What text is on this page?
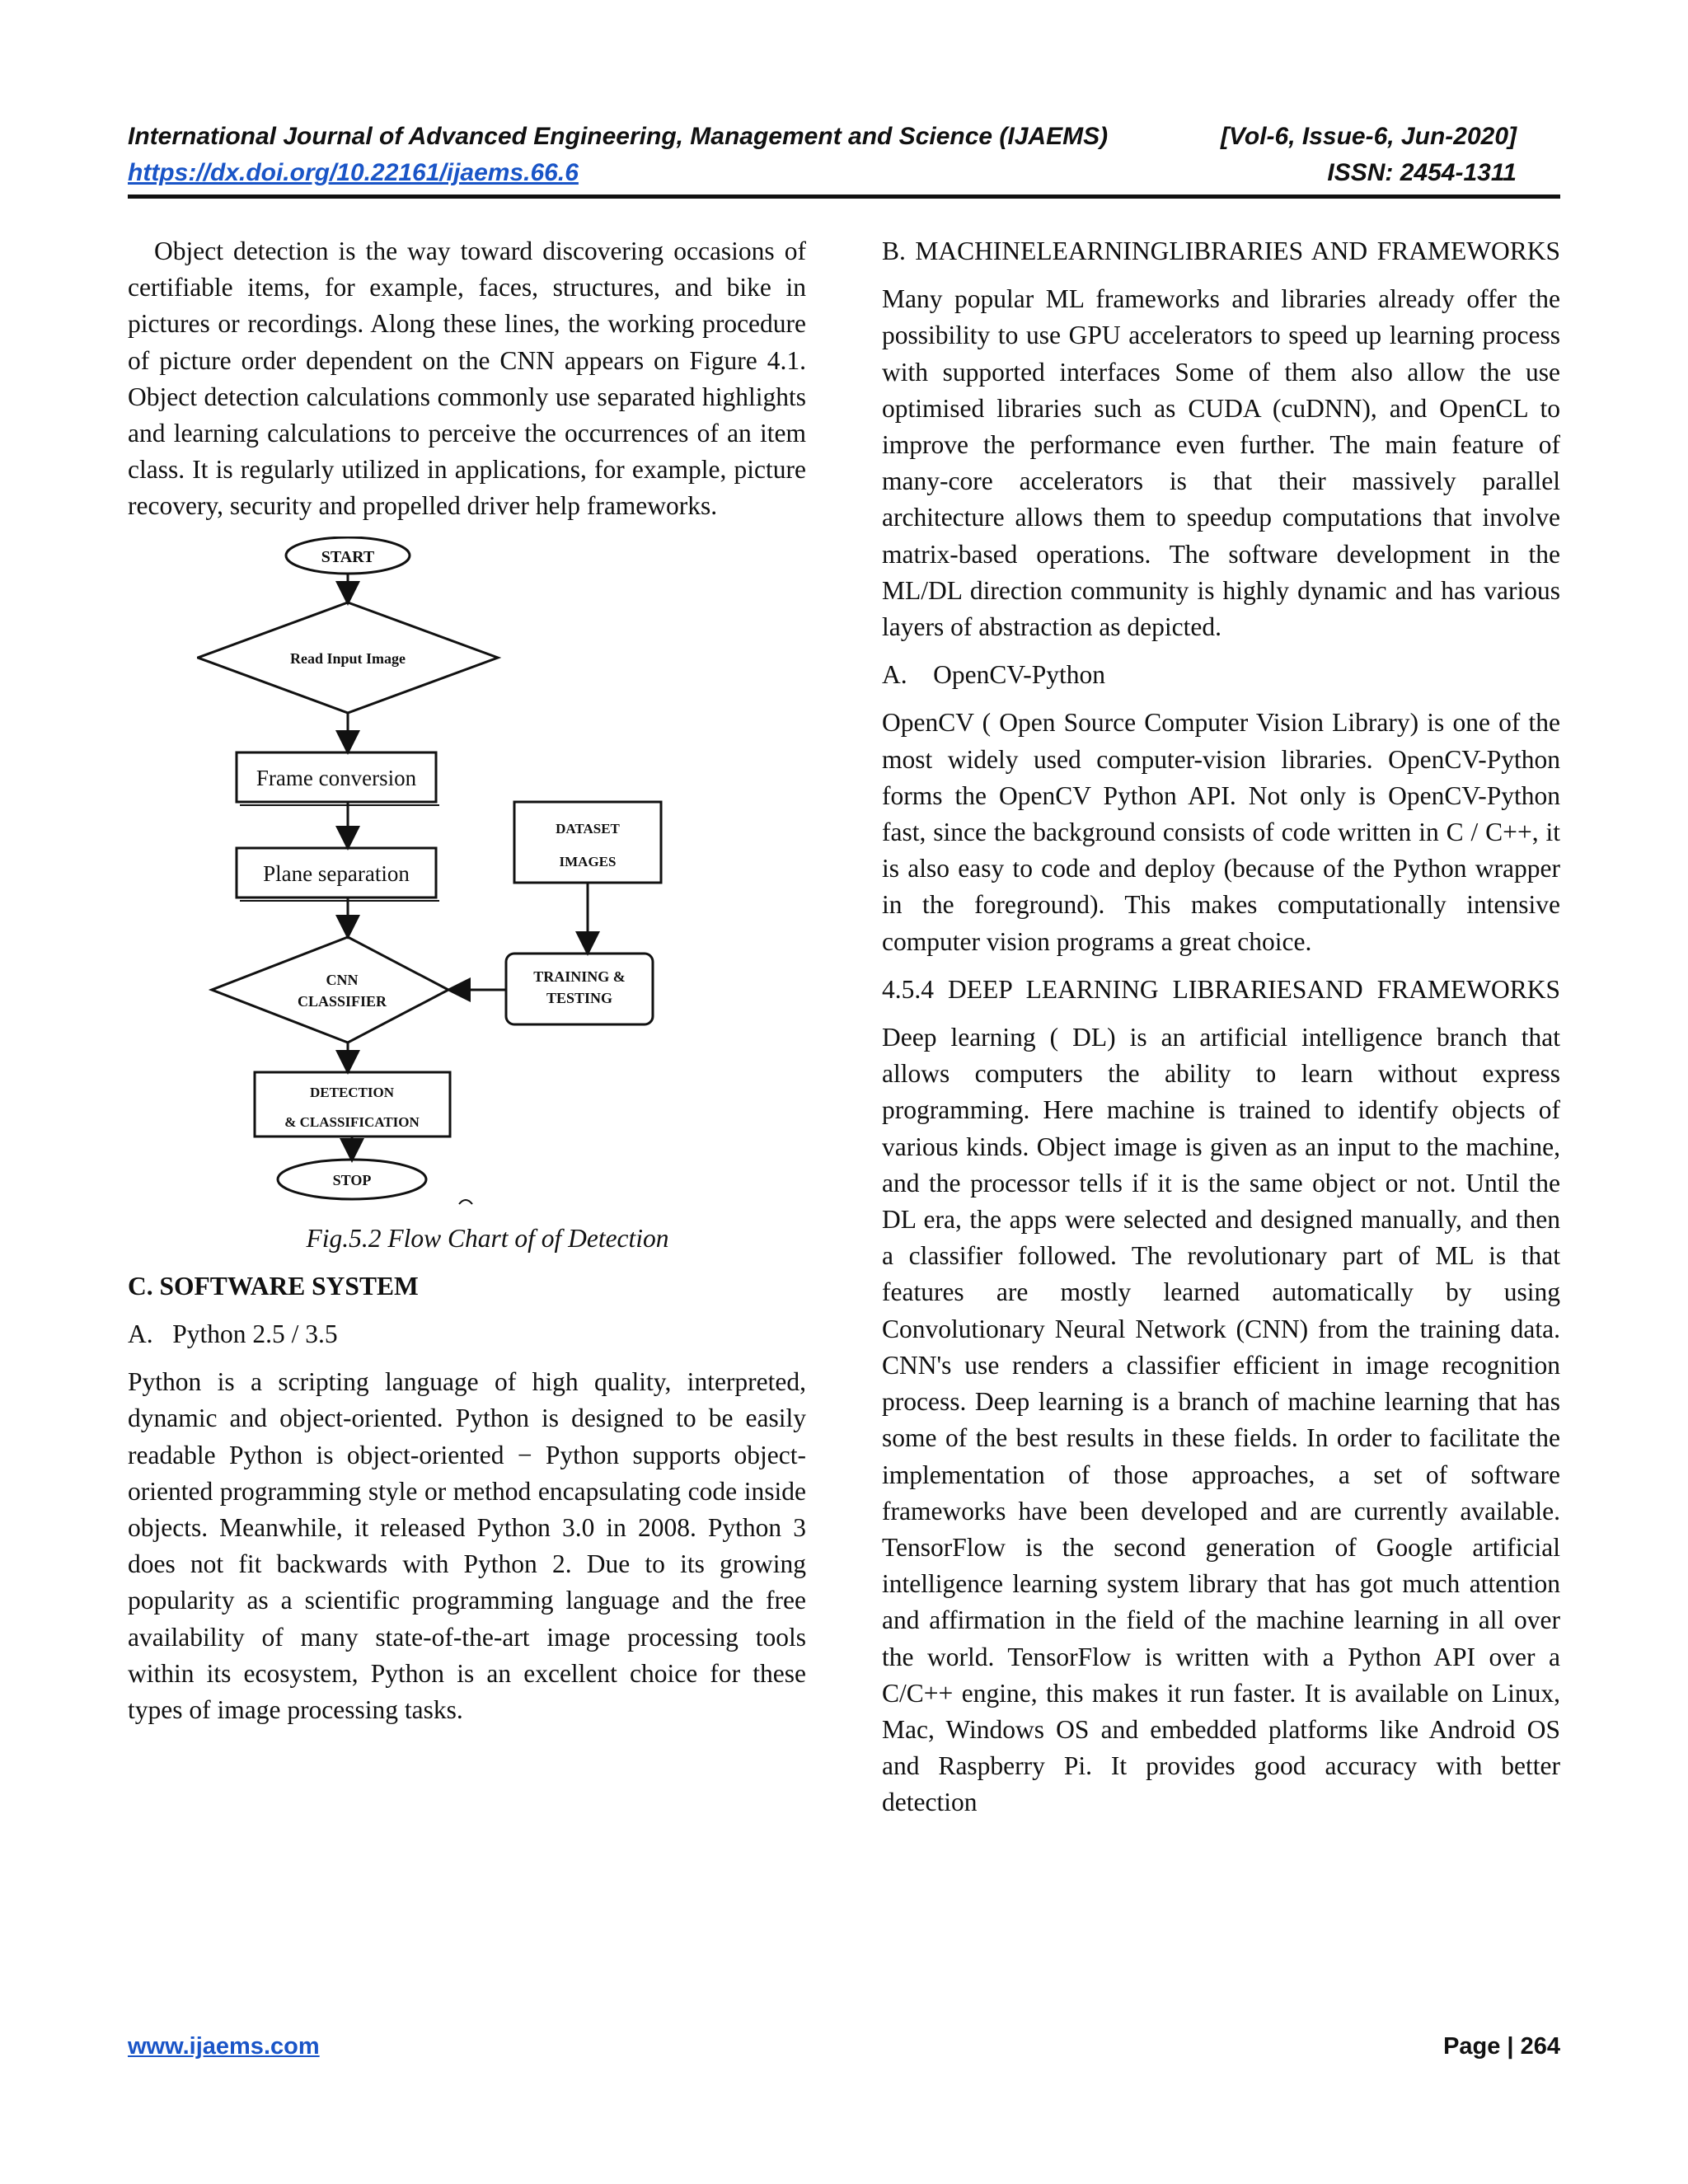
International Journal of Advanced Engineering, Management and Science (IJAEMS)	[Vol-6, Issue-6, Jun-2020]
https://dx.doi.org/10.22161/ijaems.66.6	ISSN: 2454-1311

Object detection is the way toward discovering occasions of certifiable items, for example, faces, structures, and bike in pictures or recordings. Along these lines, the working procedure of picture order dependent on the CNN appears on Figure 4.1. Object detection calculations commonly use separated highlights and learning calculations to perceive the occurrences of an item class. It is regularly utilized in applications, for example, picture recovery, security and propelled driver help frameworks.

START
Read Input Image
Frame conversion
Plane separation
CNN
CLASSIFIER
DATASET
IMAGES
TRAINING &
TESTING
DETECTION
& CLASSIFICATION
STOP

Fig.5.2 Flow Chart of of Detection

C. SOFTWARE SYSTEM

A.   Python 2.5 / 3.5

Python is a scripting language of high quality, interpreted, dynamic and object-oriented. Python is designed to be easily readable Python is object-oriented − Python supports object-oriented programming style or method encapsulating code inside objects. Meanwhile, it released Python 3.0 in 2008. Python 3 does not fit backwards with Python 2. Due to its growing popularity as a scientific programming language and the free availability of many state-of-the-art image processing tools within its ecosystem, Python is an excellent choice for these types of image processing tasks.

B. MACHINELEARNINGLIBRARIES AND FRAMEWORKS

Many popular ML frameworks and libraries already offer the possibility to use GPU accelerators to speed up learning process with supported interfaces Some of them also allow the use optimised libraries such as CUDA (cuDNN), and OpenCL to improve the performance even further. The main feature of many-core accelerators is that their massively parallel architecture allows them to speedup computations that involve matrix-based operations. The software development in the ML/DL direction community is highly dynamic and has various layers of abstraction as depicted.

A.    OpenCV-Python

OpenCV ( Open Source Computer Vision Library) is one of the most widely used computer-vision libraries. OpenCV-Python forms the OpenCV Python API. Not only is OpenCV-Python fast, since the background consists of code written in C / C++, it is also easy to code and deploy (because of the Python wrapper in the foreground). This makes computationally intensive computer vision programs a great choice.

4.5.4 DEEP LEARNING LIBRARIESAND FRAMEWORKS

Deep learning ( DL) is an artificial intelligence branch that allows computers the ability to learn without express programming. Here machine is trained to identify objects of various kinds. Object image is given as an input to the machine, and the processor tells if it is the same object or not. Until the DL era, the apps were selected and designed manually, and then a classifier followed. The revolutionary part of ML is that features are mostly learned automatically by using Convolutionary Neural Network (CNN) from the training data. CNN's use renders a classifier efficient in image recognition process. Deep learning is a branch of machine learning that has some of the best results in these fields. In order to facilitate the implementation of those approaches, a set of software frameworks have been developed and are currently available. TensorFlow is the second generation of Google artificial intelligence learning system library that has got much attention and affirmation in the field of the machine learning in all over the world. TensorFlow is written with a Python API over a C/C++ engine, this makes it run faster. It is available on Linux, Mac, Windows OS and embedded platforms like Android OS and Raspberry Pi. It provides good accuracy with better detection

www.ijaems.com	Page | 264
